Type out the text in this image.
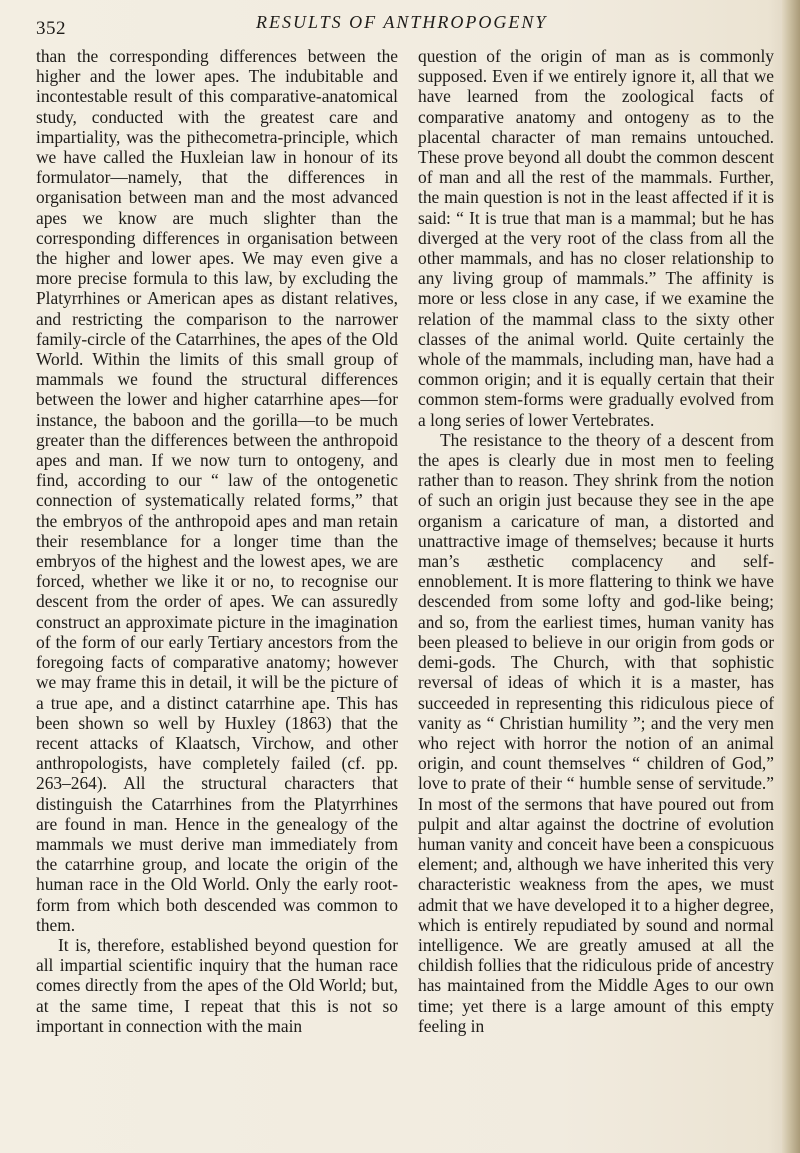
352	RESULTS OF ANTHROPOGENY

than the corresponding differences between the higher and the lower apes. The indubitable and incontestable result of this comparative-anatomical study, conducted with the greatest care and impartiality, was the pithecometra-principle, which we have called the Huxleian law in honour of its formulator—namely, that the differences in organisation between man and the most advanced apes we know are much slighter than the corresponding differences in organisation between the higher and lower apes. We may even give a more precise formula to this law, by excluding the Platyrrhines or American apes as distant relatives, and restricting the comparison to the narrower family-circle of the Catarrhines, the apes of the Old World. Within the limits of this small group of mammals we found the structural differences between the lower and higher catarrhine apes—for instance, the baboon and the gorilla—to be much greater than the differences between the anthropoid apes and man. If we now turn to ontogeny, and find, according to our “ law of the ontogenetic connection of systematically related forms,” that the embryos of the anthropoid apes and man retain their resemblance for a longer time than the embryos of the highest and the lowest apes, we are forced, whether we like it or no, to recognise our descent from the order of apes. We can assuredly construct an approximate picture in the imagination of the form of our early Tertiary ancestors from the foregoing facts of comparative anatomy; however we may frame this in detail, it will be the picture of a true ape, and a distinct catarrhine ape. This has been shown so well by Huxley (1863) that the recent attacks of Klaatsch, Virchow, and other anthropologists, have completely failed (cf. pp. 263–264). All the structural characters that distinguish the Catarrhines from the Platyrrhines are found in man. Hence in the genealogy of the mammals we must derive man immediately from the catarrhine group, and locate the origin of the human race in the Old World. Only the early root-form from which both descended was common to them.

It is, therefore, established beyond question for all impartial scientific inquiry that the human race comes directly from the apes of the Old World; but, at the same time, I repeat that this is not so important in connection with the main

question of the origin of man as is commonly supposed. Even if we entirely ignore it, all that we have learned from the zoological facts of comparative anatomy and ontogeny as to the placental character of man remains untouched. These prove beyond all doubt the common descent of man and all the rest of the mammals. Further, the main question is not in the least affected if it is said: “ It is true that man is a mammal; but he has diverged at the very root of the class from all the other mammals, and has no closer relationship to any living group of mammals.” The affinity is more or less close in any case, if we examine the relation of the mammal class to the sixty other classes of the animal world. Quite certainly the whole of the mammals, including man, have had a common origin; and it is equally certain that their common stem-forms were gradually evolved from a long series of lower Vertebrates.

The resistance to the theory of a descent from the apes is clearly due in most men to feeling rather than to reason. They shrink from the notion of such an origin just because they see in the ape organism a caricature of man, a distorted and unattractive image of themselves; because it hurts man’s æsthetic complacency and self-ennoblement. It is more flattering to think we have descended from some lofty and god-like being; and so, from the earliest times, human vanity has been pleased to believe in our origin from gods or demi-gods. The Church, with that sophistic reversal of ideas of which it is a master, has succeeded in representing this ridiculous piece of vanity as “ Christian humility ”; and the very men who reject with horror the notion of an animal origin, and count themselves “ children of God,” love to prate of their “ humble sense of servitude.” In most of the sermons that have poured out from pulpit and altar against the doctrine of evolution human vanity and conceit have been a conspicuous element; and, although we have inherited this very characteristic weakness from the apes, we must admit that we have developed it to a higher degree, which is entirely repudiated by sound and normal intelligence. We are greatly amused at all the childish follies that the ridiculous pride of ancestry has maintained from the Middle Ages to our own time; yet there is a large amount of this empty feeling in
